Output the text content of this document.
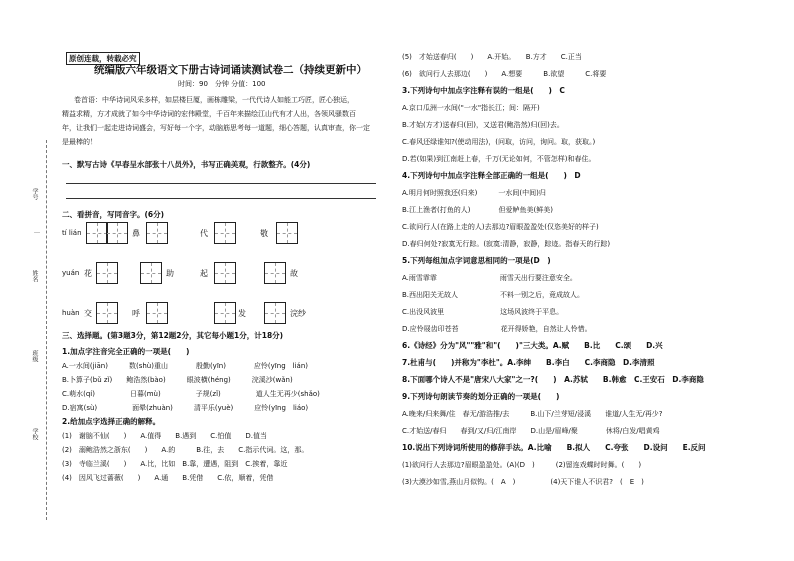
学号
姓名
班级
学校
…
原创连载，转载必究
统编版六年级语文下册古诗词诵读测试卷二（持续更新中）
时间：90　分钟 分值：100
卷首语：中华诗词风采多样，如层楼巨厦，画栋雕梁，一代代诗人如能工巧匠，匠心独运，
精益求精，方才成就了如今中华诗词的宏伟殿堂，千百年来描绘江山代有才人出，各领风骚数百
年，让我们一起走进诗词盛会，写好每一个字，动脑筋思考每一道题，细心答题，认真审查，你一定
是最棒的！
一、默写古诗《早春呈水部张十八员外》，书写正确美观，行款整齐。(4分)
二、看拼音，写同音字。(6分)
tí lián	鼻	代	敬
yuán 花	助	起	故
huàn 交	呼	发	浣纱
三、选择题。(第3题3分，第12题2分，其它每小题1分，计18分)
1.加点字注音完全正确的一项是(　　)
A.一水间(jiān)　　　数(shù)重山　　　　殷勤(yīn)　　　　应怜(yīng　lián)
B.卜算子(bǔ zǐ)　　鲍浩然(bào)　　　眼波横(héng)　　　浣溪沙(wǎn)
C.萌水(qí)　　　　　日暮(mù)　　　　　子规(zǐ)　　　　　道人生无再少(shǎo)
D.宿寓(sù)　　　　　面晕(zhuàn)　　　清平乐(yuè)　　　应怜(yīng　liáo)
2.给加点字选择正确的解释。
(1)　谢脑不仙(　　)　　A.值得　　B.遇到　　C.怕值　　D.值当
(2)　溺鲍浩然之浙东(　　)　　A.的　　　B.往，去　　C.指示代词。这，那。
(3)　寺临兰溪(　　)　　A.比，比如　B.靠，遭遇，阻到　C.挨着，靠近
(4)　因风飞过蔷薇(　　)　　A.通　　B.凭借　　C.依，顺着，凭借
(5)　才始送春归(　　)　　A.开始。　　B.方才　　C.正当
(6)　欲问行人去那边(　　)　　A.想要　　　B.欲望　　　C.将要
3.下列诗句中加点字注释有误的一组是(　　)　C
A.京口瓜洲一水间("一水"指长江；间：隔开)
B.才始(方才)送春归(回)，又送君(鲍浩然)归(回)去。
C.春风还绿谁知?(使动用法)，(问取，访问，询问。取，获取。)
D.若(如果)到江南赶上春，千万(无论如何，不管怎样)和春住。
4.下列诗句中加点字注释全部正确的一组是(　　)　D
A.明月何时照我还(归来)　　　一水间(中间)归
B.江上渔者(打鱼的人)　　　　但爱鲈鱼美(鲜美)
C.欲问行人(在路上走的人)去那边?眉眼盈盈处(仅恣美好的样子)
D.春归何处?寂寞无行踪。(寂寞:清静，寂静，踪迹。指春天的行踪)
5.下列每组加点字词意思相同的一项是(D　)
A.雨雪霏霏　　　　　　　　　雨雪天出行要注意安全。
B.西出阳关无故人　　　　　　不料一别之后，竟成故人。
C.出没风波里　　　　　　　　这场风波终于平息。
D.应怜屐齿印苍苔　　　　　　花开得娇艳，自然让人怜惜。
6.《诗经》分为"风""雅"和"(　　)"三大类。A.赋　　B.比　　C.颂　　D.兴
7.杜甫与(　　)并称为"李杜"。A.李绅　　B.李白　　C.李商隐　D.李清照
8.下面哪个诗人不是"唐宋八大家"之一?(　　)　A.苏轼　　B.韩愈　C.王安石　D.李商隐
9.下列诗句朗读节奏的划分正确的一项是(　　)
A.晚来/归来舞/住　春无/游浩推/去　　　B.山下/兰芽短/浸溪　　谁道/人生无/再少?
C.才始送/春归　　春到/又/归/江南岸　　D.山是/眉峰/聚　　　　休将/白发/唱黄鸡
10.说出下列诗词所使用的修辞手法。A.比喻　　B.拟人　　C.夸张　　D.设问　　E.反问
(1)欲问行人去那边?眉眼盈盈处。(A)(D　)　　　(2)留连戏蝶时时舞。(　　)
(3)大漠沙如雪,燕山月似钩。(　A　)　　　　　(4)天下谁人不识君?　(　E　)
